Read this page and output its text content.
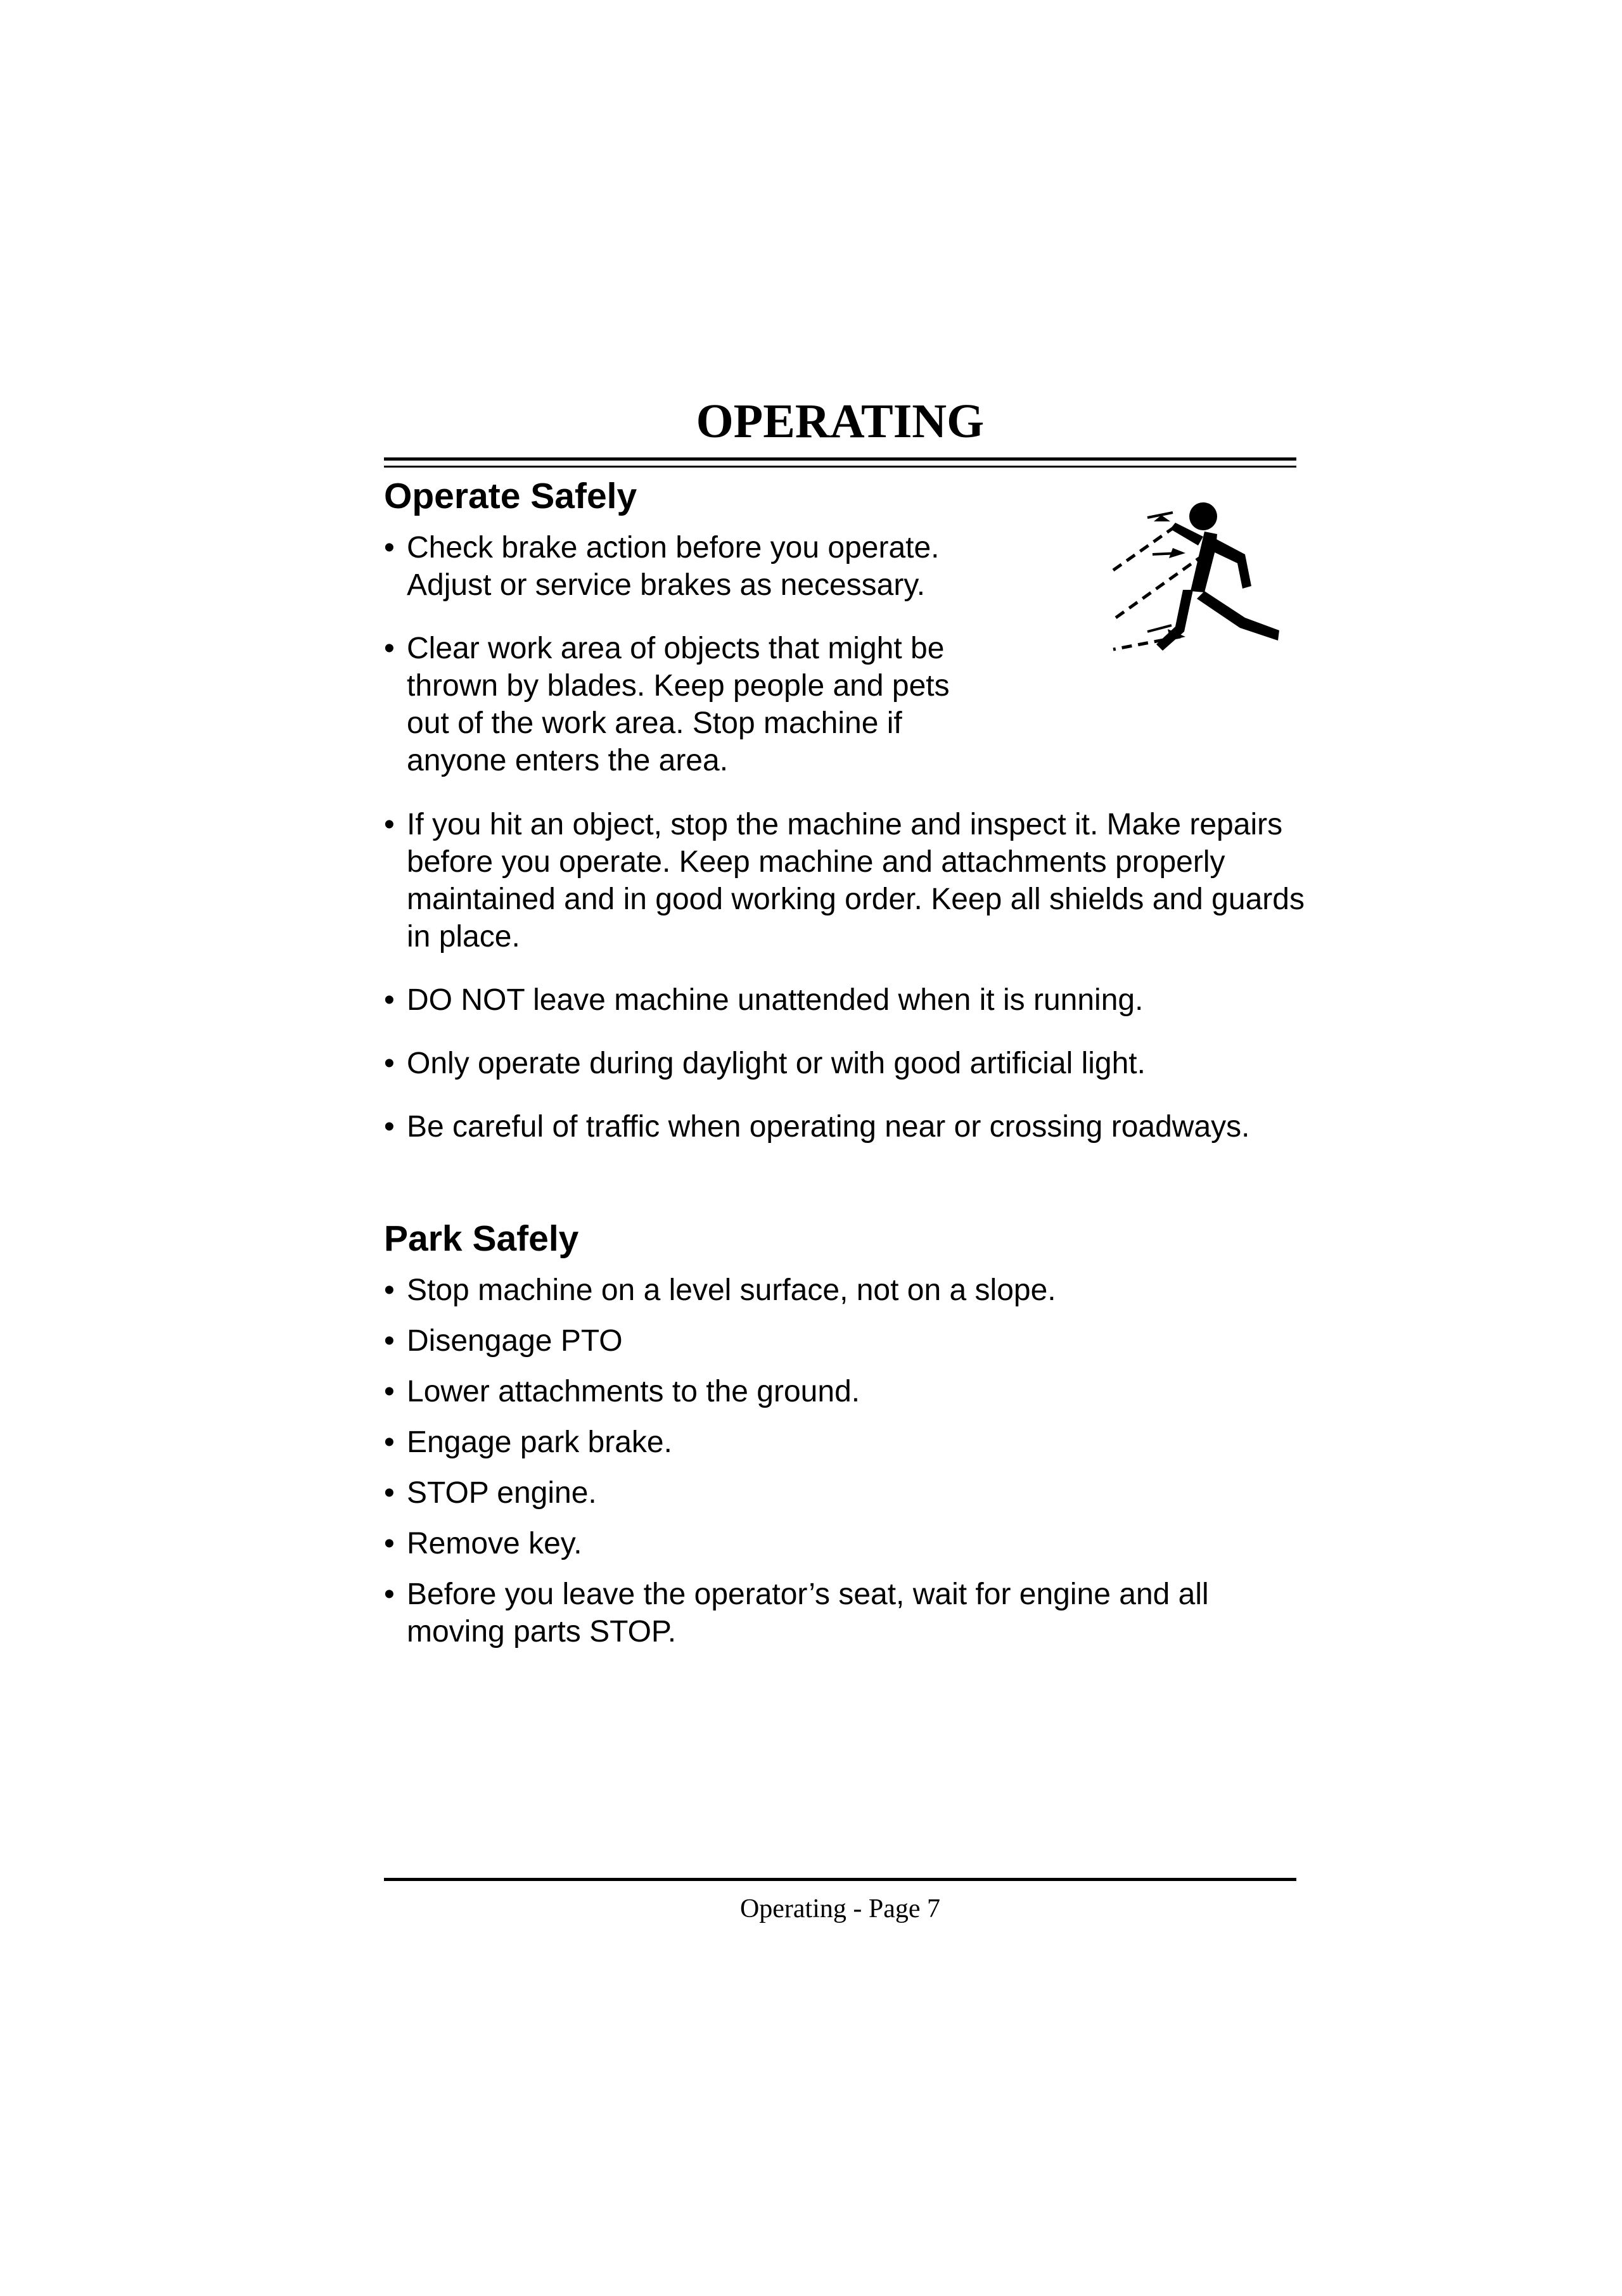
OPERATING
Operate Safely
• Check brake action before you operate. Adjust or service brakes as necessary.
• Clear work area of objects that might be thrown by blades. Keep people and pets out of the work area. Stop machine if anyone enters the area.
• If you hit an object, stop the machine and inspect it. Make repairs before you operate. Keep machine and attachments properly maintained and in good working order. Keep all shields and guards in place.
• DO NOT leave machine unattended when it is running.
• Only operate during daylight or with good artificial light.
• Be careful of traffic when operating near or crossing roadways.
Park Safely
• Stop machine on a level surface, not on a slope.
• Disengage PTO
• Lower attachments to the ground.
• Engage park brake.
• STOP engine.
• Remove key.
• Before you leave the operator’s seat, wait for engine and all moving parts STOP.
Operating - Page 7
